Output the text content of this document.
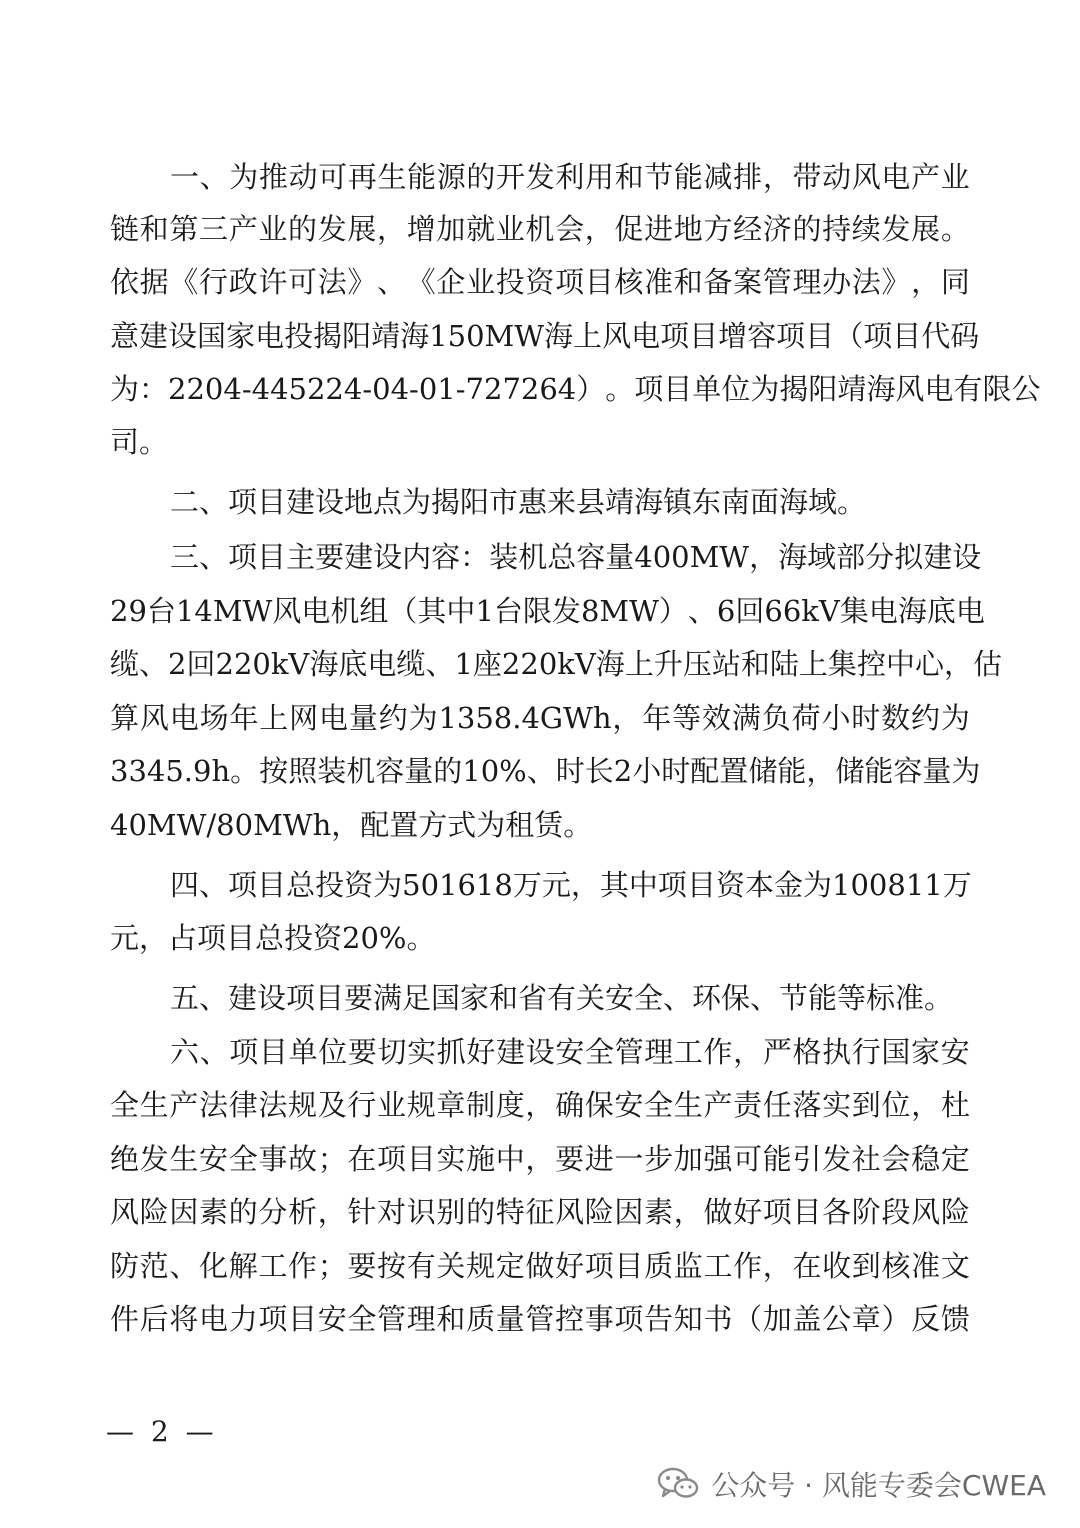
一 、 为 推 动 可 再 生 能 源 的 开 发 利 用 和 节 能 减 排 ， 带 动 风 电 产 业

链 和 第 三 产 业 的 发 展 ， 增 加 就 业 机 会 ， 促 进 地 方 经 济 的 持 续 发 展 。

依 据 《 行 政 许 可 法 》 、 《 企 业 投 资 项 目 核 准 和 备 案 管 理 办 法 》 ， 同

意 建 设 国 家 电 投 揭 阳 靖 海 150MW 海 上 风 电 项 目 增 容 项 目 （ 项 目 代 码

为 ： 2204-445224-04-01-727264 ） 。 项 目 单 位 为 揭 阳 靖 海 风 电 有 限 公

司。

二、项目建设地点为揭阳市惠来县靖海镇东南面海域。

三 、 项 目 主 要 建 设 内 容 ： 装 机 总 容 量 400MW ， 海 域 部 分 拟 建 设

29 台 14MW 风 电 机 组 （ 其 中 1 台 限 发 8MW ） 、 6 回 66kV 集 电 海 底 电

缆 、 2 回 220kV 海 底 电 缆 、 1 座 220kV 海 上 升 压 站 和 陆 上 集 控 中 心 ， 估

算 风 电 场 年 上 网 电 量 约 为 1358.4GWh ， 年 等 效 满 负 荷 小 时 数 约 为

3345.9h 。 按 照 装 机 容 量 的 10% 、 时 长 2 小 时 配 置 储 能 ， 储 能 容 量 为

40MW/80MWh，配置方式为租赁。

四 、 项 目 总 投 资 为 501618 万 元 ， 其 中 项 目 资 本 金 为 100811 万

元，占项目总投资20%。

五、建设项目要满足国家和省有关安全、环保、节能等标准。

六 、 项 目 单 位 要 切 实 抓 好 建 设 安 全 管 理 工 作 ， 严 格 执 行 国 家 安

全 生 产 法 律 法 规 及 行 业 规 章 制 度 ， 确 保 安 全 生 产 责 任 落 实 到 位 ， 杜

绝 发 生 安 全 事 故 ； 在 项 目 实 施 中 ， 要 进 一 步 加 强 可 能 引 发 社 会 稳 定

风 险 因 素 的 分 析 ， 针 对 识 别 的 特 征 风 险 因 素 ， 做 好 项 目 各 阶 段 风 险

防 范 、 化 解 工 作 ； 要 按 有 关 规 定 做 好 项 目 质 监 工 作 ， 在 收 到 核 准 文

件 后 将 电 力 项 目 安 全 管 理 和 质 量 管 控 事 项 告 知 书 （ 加 盖 公 章 ） 反 馈

— 2 —
公众号 · 风能专委会CWEA
